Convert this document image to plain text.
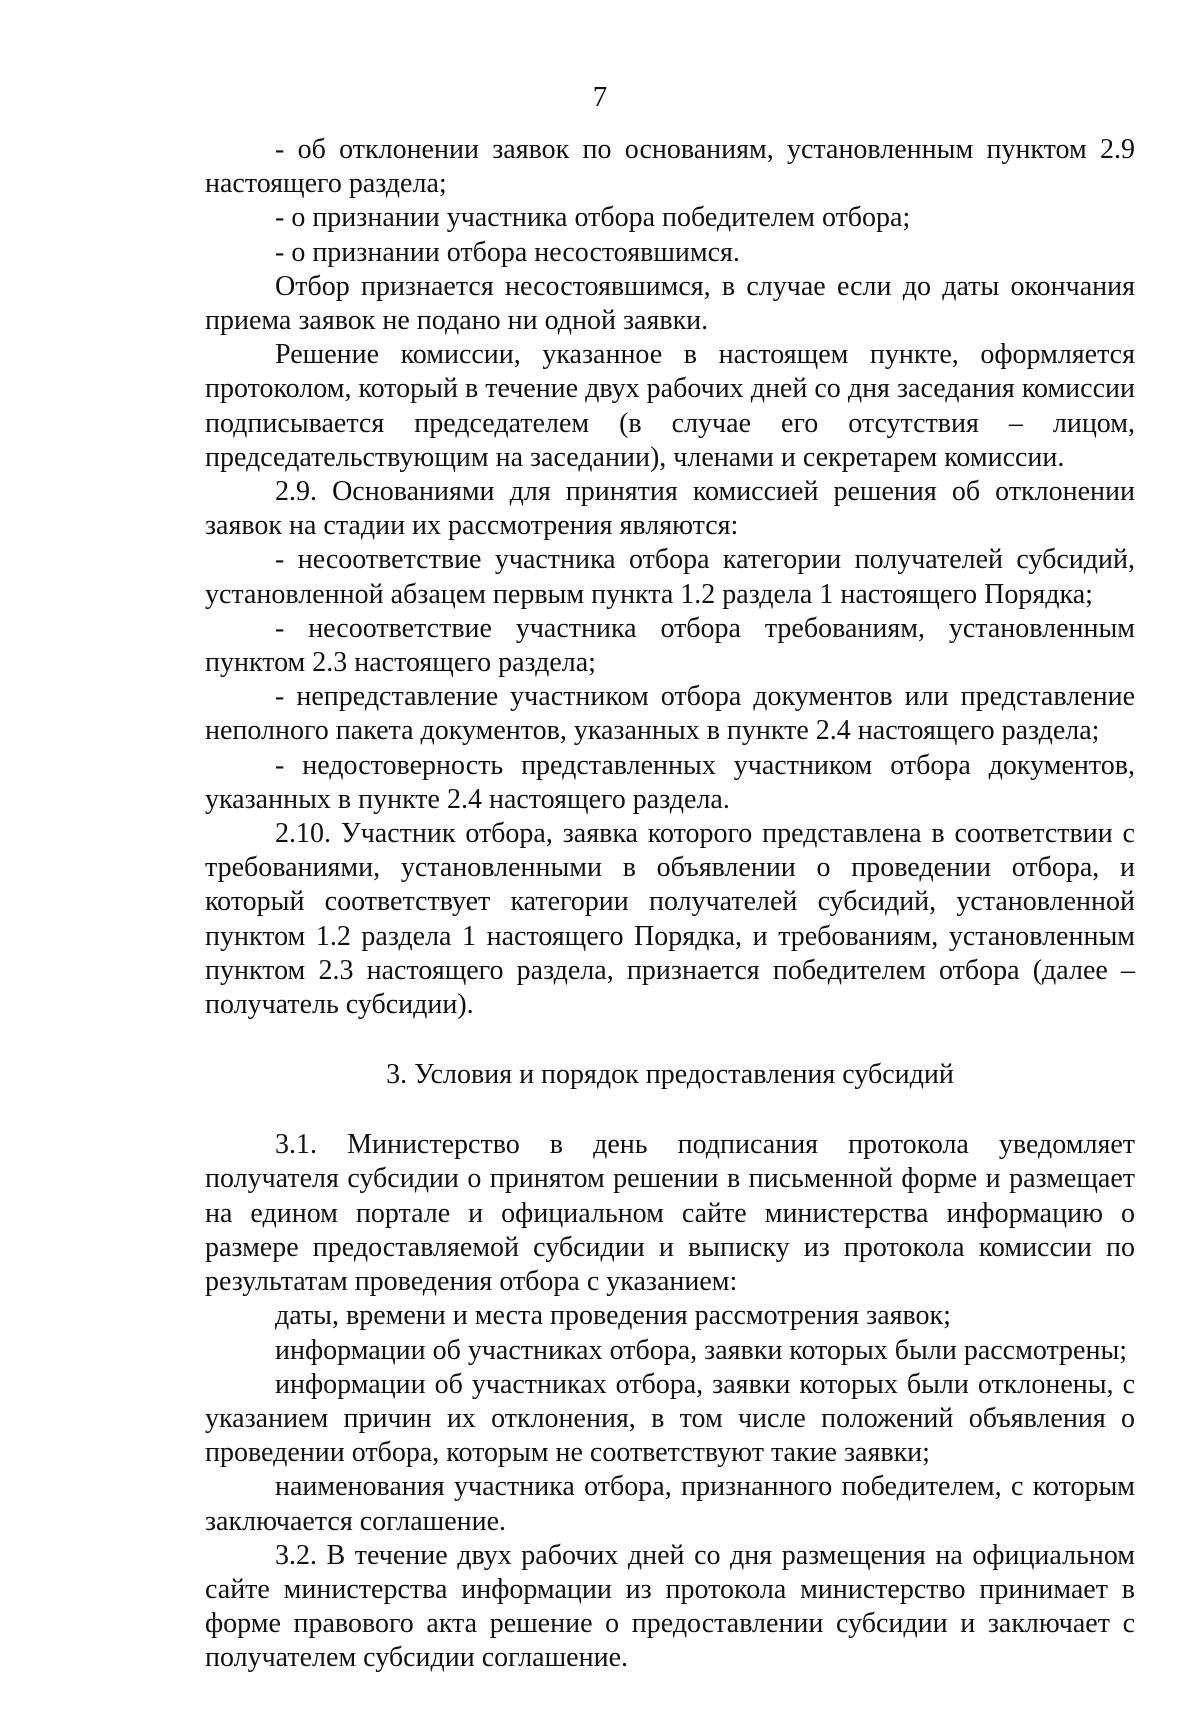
7

- об отклонении заявок по основаниям, установленным пунктом 2.9 настоящего раздела;

- о признании участника отбора победителем отбора;

- о признании отбора несостоявшимся.

Отбор признается несостоявшимся, в случае если до даты окончания приема заявок не подано ни одной заявки.

Решение комиссии, указанное в настоящем пункте, оформляется протоколом, который в течение двух рабочих дней со дня заседания комиссии подписывается председателем (в случае его отсутствия – лицом, председательствующим на заседании), членами и секретарем комиссии.

2.9. Основаниями для принятия комиссией решения об отклонении заявок на стадии их рассмотрения являются:

- несоответствие участника отбора категории получателей субсидий, установленной абзацем первым пункта 1.2 раздела 1 настоящего Порядка;

- несоответствие участника отбора требованиям, установленным пунктом 2.3 настоящего раздела;

- непредставление участником отбора документов или представление неполного пакета документов, указанных в пункте 2.4 настоящего раздела;

- недостоверность представленных участником отбора документов, указанных в пункте 2.4 настоящего раздела.

2.10. Участник отбора, заявка которого представлена в соответствии с требованиями, установленными в объявлении о проведении отбора, и который соответствует категории получателей субсидий, установленной пунктом 1.2 раздела 1 настоящего Порядка, и требованиям, установленным пунктом 2.3 настоящего раздела, признается победителем отбора (далее – получатель субсидии).

3. Условия и порядок предоставления субсидий

3.1. Министерство в день подписания протокола уведомляет получателя субсидии о принятом решении в письменной форме и размещает на едином портале и официальном сайте министерства информацию о размере предоставляемой субсидии и выписку из протокола комиссии по результатам проведения отбора с указанием:

даты, времени и места проведения рассмотрения заявок;

информации об участниках отбора, заявки которых были рассмотрены;

информации об участниках отбора, заявки которых были отклонены, с указанием причин их отклонения, в том числе положений объявления о проведении отбора, которым не соответствуют такие заявки;

наименования участника отбора, признанного победителем, с которым заключается соглашение.

3.2. В течение двух рабочих дней со дня размещения на официальном сайте министерства информации из протокола министерство принимает в форме правового акта решение о предоставлении субсидии и заключает с получателем субсидии соглашение.
